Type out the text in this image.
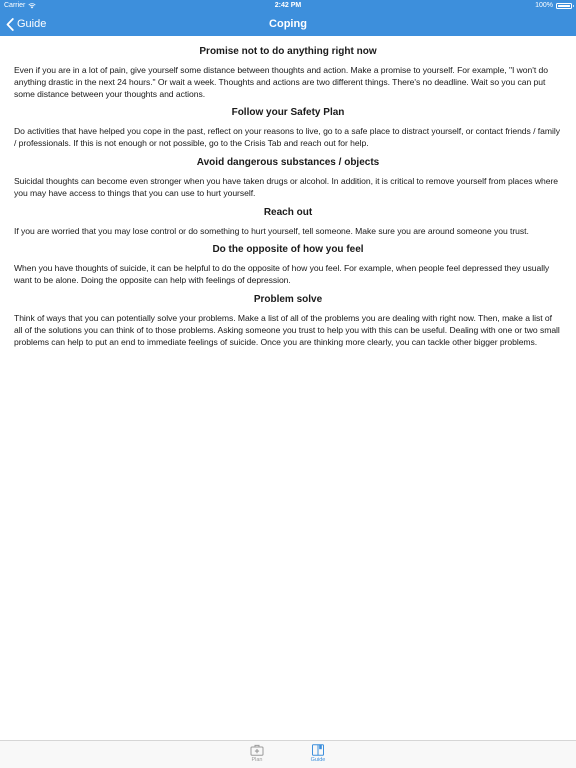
Carrier	2:42 PM	100%
Guide	Coping
Promise not to do anything right now

Even if you are in a lot of pain, give yourself some distance between thoughts and action. Make a promise to yourself. For example, "I won't do anything drastic in the next 24 hours." Or wait a week. Thoughts and actions are two different things. There's no deadline. Wait so you can put some distance between your thoughts and actions.

Follow your Safety Plan

Do activities that have helped you cope in the past, reflect on your reasons to live, go to a safe place to distract yourself, or contact friends / family / professionals. If this is not enough or not possible, go to the Crisis Tab and reach out for help.

Avoid dangerous substances / objects

Suicidal thoughts can become even stronger when you have taken drugs or alcohol. In addition, it is critical to remove yourself from places where you may have access to things that you can use to hurt yourself.

Reach out

If you are worried that you may lose control or do something to hurt yourself, tell someone. Make sure you are around someone you trust.

Do the opposite of how you feel

When you have thoughts of suicide, it can be helpful to do the opposite of how you feel. For example, when people feel depressed they usually want to be alone. Doing the opposite can help with feelings of depression.

Problem solve

Think of ways that you can potentially solve your problems. Make a list of all of the problems you are dealing with right now. Then, make a list of all of the solutions you can think of to those problems. Asking someone you trust to help you with this can be useful. Dealing with one or two small problems can help to put an end to immediate feelings of suicide. Once you are thinking more clearly, you can tackle other bigger problems.

Plan	Guide
